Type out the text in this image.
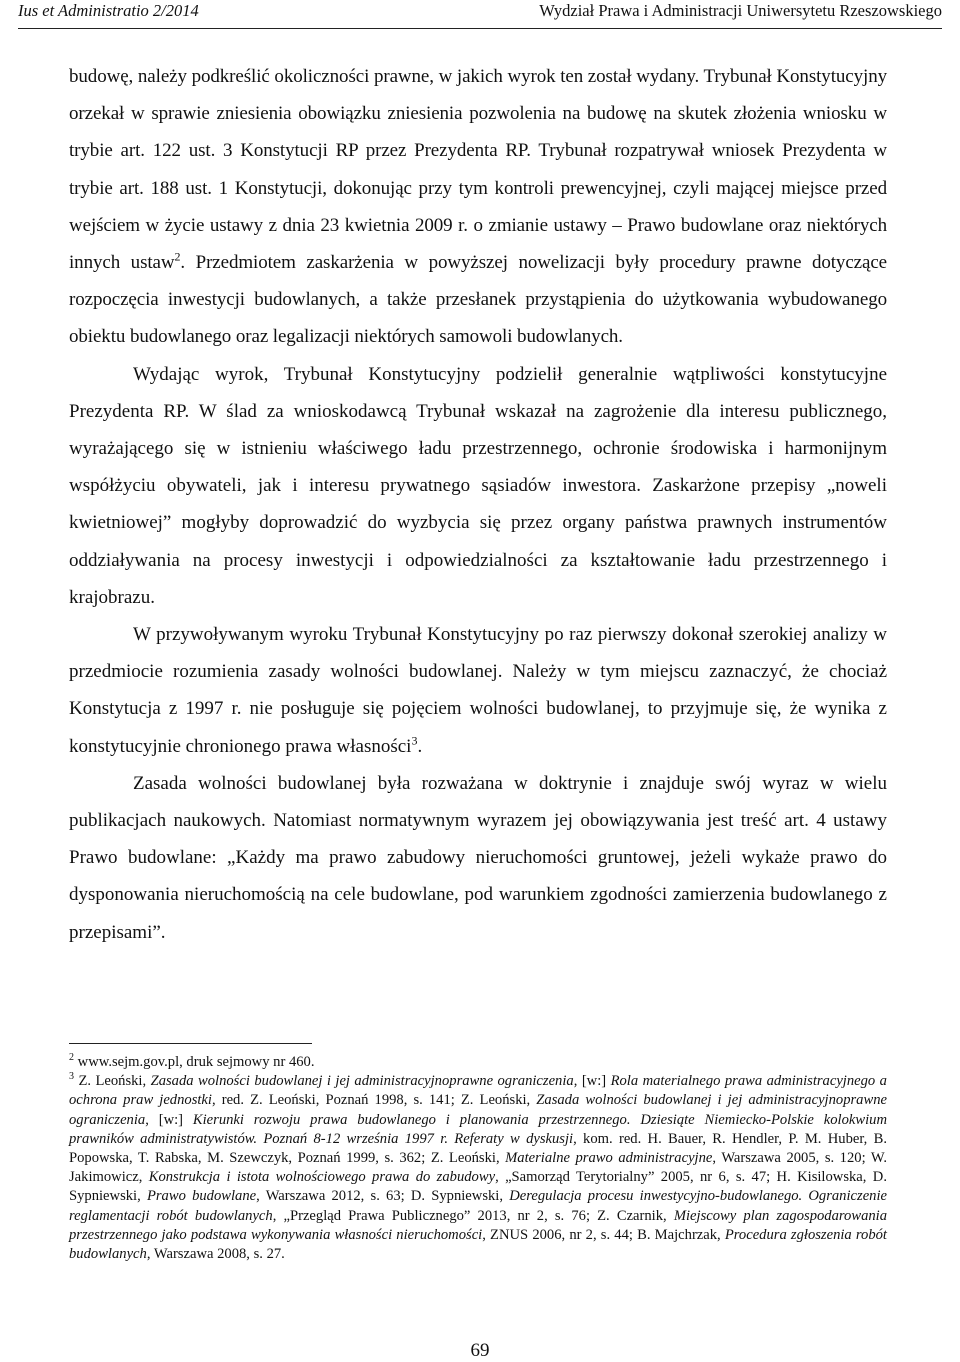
Ius et Administratio 2/2014	Wydział Prawa i Administracji Uniwersytetu Rzeszowskiego

budowę, należy podkreślić okoliczności prawne, w jakich wyrok ten został wydany. Trybunał Konstytucyjny orzekał w sprawie zniesienia obowiązku zniesienia pozwolenia na budowę na skutek złożenia wniosku w trybie art. 122 ust. 3 Konstytucji RP przez Prezydenta RP. Trybunał rozpatrywał wniosek Prezydenta w trybie art. 188 ust. 1 Konstytucji, dokonując przy tym kontroli prewencyjnej, czyli mającej miejsce przed wejściem w życie ustawy z dnia 23 kwietnia 2009 r. o zmianie ustawy – Prawo budowlane oraz niektórych innych ustaw$^2$. Przedmiotem zaskarżenia w powyższej nowelizacji były procedury prawne dotyczące rozpoczęcia inwestycji budowlanych, a także przesłanek przystąpienia do użytkowania wybudowanego obiektu budowlanego oraz legalizacji niektórych samowoli budowlanych.

Wydając wyrok, Trybunał Konstytucyjny podzielił generalnie wątpliwości konstytucyjne Prezydenta RP. W ślad za wnioskodawcą Trybunał wskazał na zagrożenie dla interesu publicznego, wyrażającego się w istnieniu właściwego ładu przestrzennego, ochronie środowiska i harmonijnym współżyciu obywateli, jak i interesu prywatnego sąsiadów inwestora. Zaskarżone przepisy „noweli kwietniowej” mogłyby doprowadzić do wyzbycia się przez organy państwa prawnych instrumentów oddziaływania na procesy inwestycji i odpowiedzialności za kształtowanie ładu przestrzennego i krajobrazu.

W przywoływanym wyroku Trybunał Konstytucyjny po raz pierwszy dokonał szerokiej analizy w przedmiocie rozumienia zasady wolności budowlanej. Należy w tym miejscu zaznaczyć, że chociaż Konstytucja z 1997 r. nie posługuje się pojęciem wolności budowlanej, to przyjmuje się, że wynika z konstytucyjnie chronionego prawa własności$^3$.

Zasada wolności budowlanej była rozważana w doktrynie i znajduje swój wyraz w wielu publikacjach naukowych. Natomiast normatywnym wyrazem jej obowiązywania jest treść art. 4 ustawy Prawo budowlane: „Każdy ma prawo zabudowy nieruchomości gruntowej, jeżeli wykaże prawo do dysponowania nieruchomością na cele budowlane, pod warunkiem zgodności zamierzenia budowlanego z przepisami”.

$^2$ www.sejm.gov.pl, druk sejmowy nr 460.

$^3$ Z. Leoński, Zasada wolności budowlanej i jej administracyjnoprawne ograniczenia, [w:] Rola materialnego prawa administracyjnego a ochrona praw jednostki, red. Z. Leoński, Poznań 1998, s. 141; Z. Leoński, Zasada wolności budowlanej i jej administracyjnoprawne ograniczenia, [w:] Kierunki rozwoju prawa budowlanego i planowania przestrzennego. Dziesiąte Niemiecko-Polskie kolokwium prawników administratywistów. Poznań 8-12 września 1997 r. Referaty w dyskusji, kom. red. H. Bauer, R. Hendler, P. M. Huber, B. Popowska, T. Rabska, M. Szewczyk, Poznań 1999, s. 362; Z. Leoński, Materialne prawo administracyjne, Warszawa 2005, s. 120; W. Jakimowicz, Konstrukcja i istota wolnościowego prawa do zabudowy, „Samorząd Terytorialny” 2005, nr 6, s. 47; H. Kisilowska, D. Sypniewski, Prawo budowlane, Warszawa 2012, s. 63; D. Sypniewski, Deregulacja procesu inwestycyjno-budowlanego. Ograniczenie reglamentacji robót budowlanych, „Przegląd Prawa Publicznego” 2013, nr 2, s. 76; Z. Czarnik, Miejscowy plan zagospodarowania przestrzennego jako podstawa wykonywania własności nieruchomości, ZNUS 2006, nr 2, s. 44; B. Majchrzak, Procedura zgłoszenia robót budowlanych, Warszawa 2008, s. 27.

69
